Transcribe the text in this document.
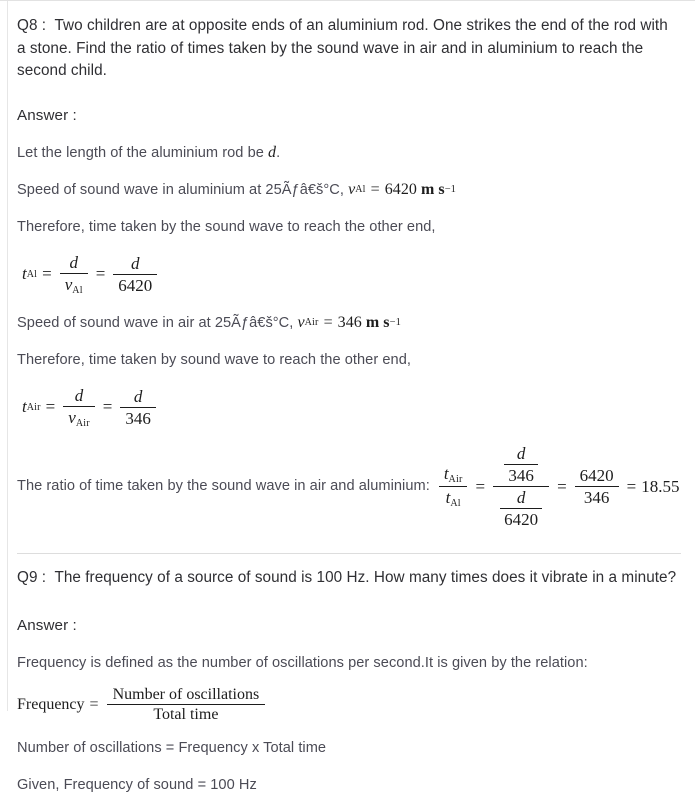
Q8 : Two children are at opposite ends of an aluminium rod. One strikes the end of the rod with a stone. Find the ratio of times taken by the sound wave in air and in aluminium to reach the second child.

Answer :

Let the length of the aluminium rod be d.

Speed of sound wave in aluminium at 25Ãƒâ€š°C, v Al = 6420
m s −1

Therefore, time taken by the sound wave to reach the other end,

t $Al = \frac{d}{v_{Al}} = \frac{d}{6420}$

Speed of sound wave in air at 25Ãƒâ€š°C, v Air = 346
m s −1

Therefore, time taken by sound wave to reach the other end,

t Air = $\frac{d}{v_{Air}} = \frac{d}{346}$
The ratio of time taken by the sound wave in air and aluminium: $\frac{t_{Air}}{t_{Al}} = \frac{\frac{d}{346}}{\frac{d}{6420}} = \frac{6420}{346} = 18.55$

Q9 : The frequency of a source of sound is 100 Hz. How many times does it vibrate in a minute?

Answer :

Frequency is defined as the number of oscillations per second.It is given by the relation:

Frequency = $\frac{\text{Number of oscillations}}{\text{Total time}}$

Number of oscillations = Frequency x Total time

Given, Frequency of sound = 100 Hz
